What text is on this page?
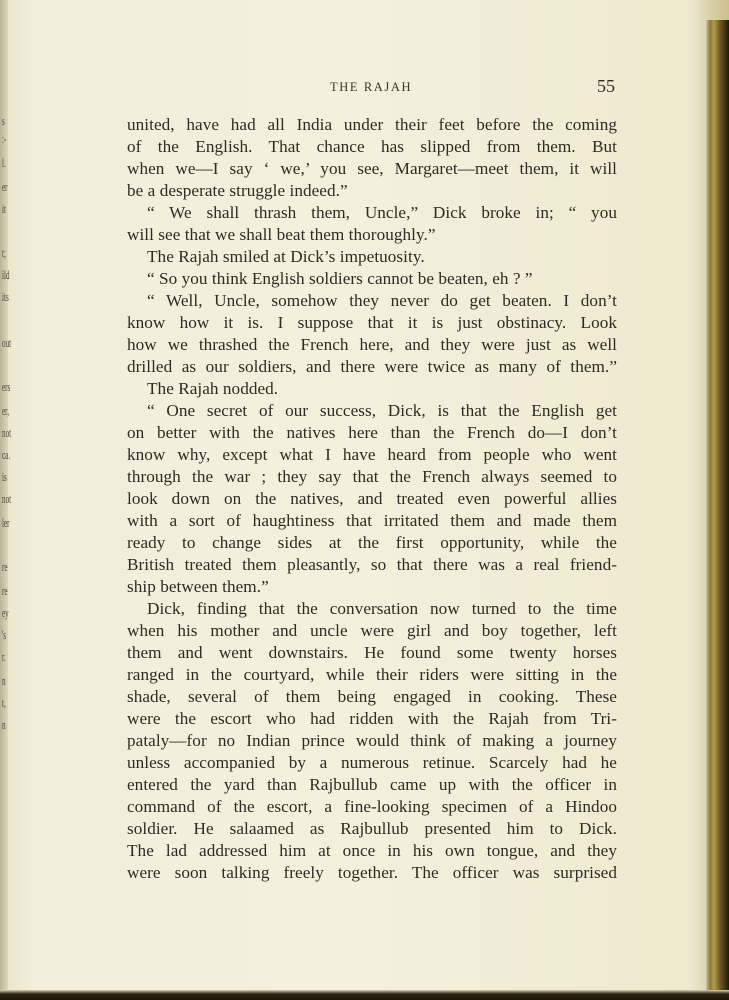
s
:-
l.
er
it
t;
ild
its
out
ers
er,
not
ca.
is
not
ler
re
re
ey
's
r.
n
t,
n
THE RAJAH	55
united, have had all India under their feet before the coming
of the English. That chance has slipped from them. But
when we—I say ‘ we,’ you see, Margaret—meet them, it will
be a desperate struggle indeed.”
“ We shall thrash them, Uncle,” Dick broke in; “ you
will see that we shall beat them thoroughly.”
The Rajah smiled at Dick’s impetuosity.
“ So you think English soldiers cannot be beaten, eh ? ”
“ Well, Uncle, somehow they never do get beaten. I don’t
know how it is. I suppose that it is just obstinacy. Look
how we thrashed the French here, and they were just as well
drilled as our soldiers, and there were twice as many of them.”
The Rajah nodded.
“ One secret of our success, Dick, is that the English get
on better with the natives here than the French do—I don’t
know why, except what I have heard from people who went
through the war ; they say that the French always seemed to
look down on the natives, and treated even powerful allies
with a sort of haughtiness that irritated them and made them
ready to change sides at the first opportunity, while the
British treated them pleasantly, so that there was a real friend-
ship between them.”
Dick, finding that the conversation now turned to the time
when his mother and uncle were girl and boy together, left
them and went downstairs. He found some twenty horses
ranged in the courtyard, while their riders were sitting in the
shade, several of them being engaged in cooking. These
were the escort who had ridden with the Rajah from Tri-
pataly—for no Indian prince would think of making a journey
unless accompanied by a numerous retinue. Scarcely had he
entered the yard than Rajbullub came up with the officer in
command of the escort, a fine-looking specimen of a Hindoo
soldier. He salaamed as Rajbullub presented him to Dick.
The lad addressed him at once in his own tongue, and they
were soon talking freely together. The officer was surprised
